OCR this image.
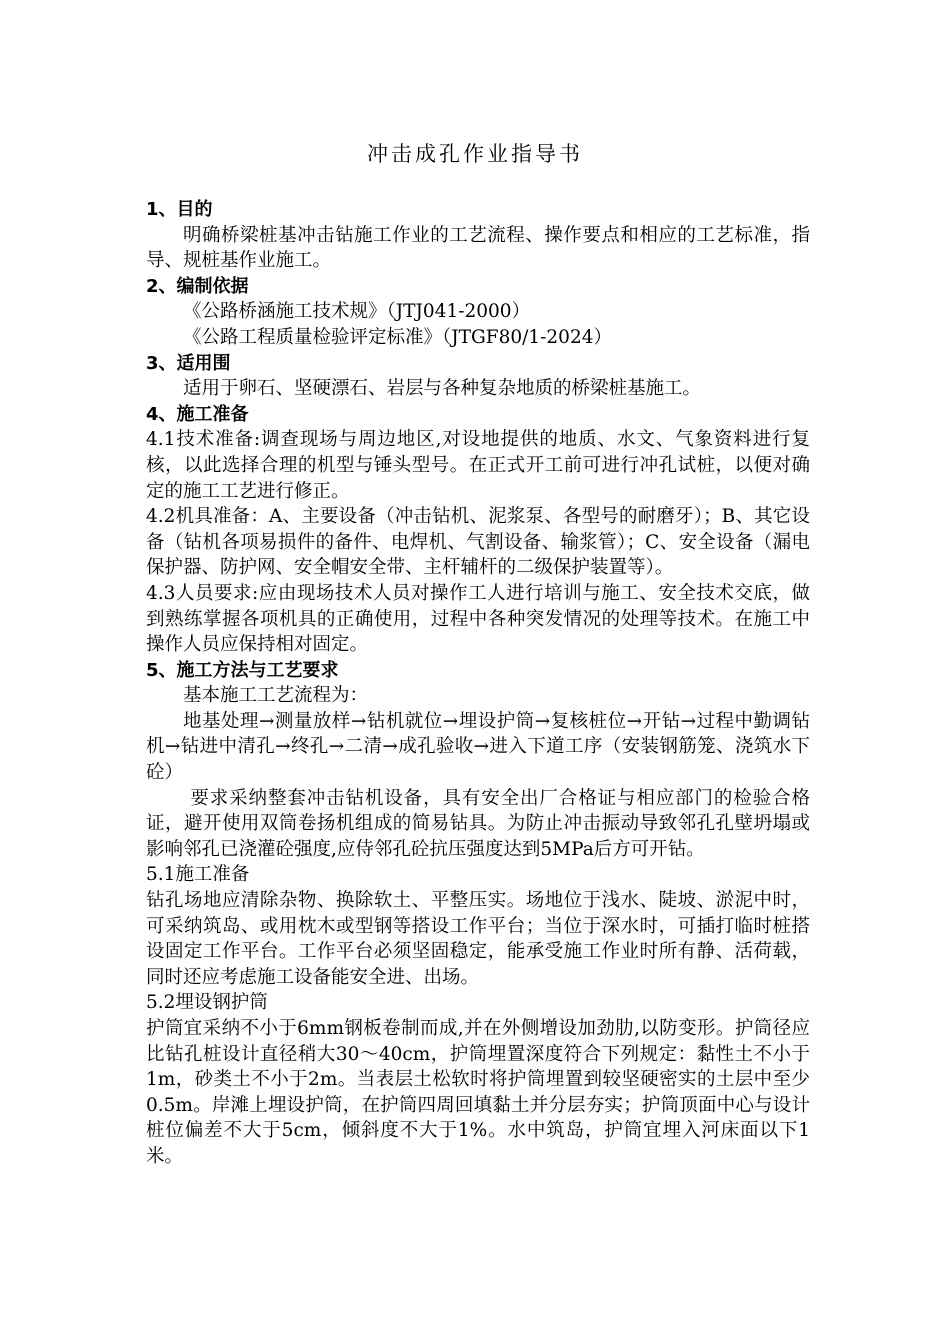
冲击成孔作业指导书

1、目的

明确桥梁桩基冲击钻施工作业的工艺流程、操作要点和相应的工艺标准，指导、规桩基作业施工。

2、编制依据

《公路桥涵施工技术规》（JTJ041-2000）

《公路工程质量检验评定标准》（JTGF80/1-2024）

3、适用围

适用于卵石、坚硬漂石、岩层与各种复杂地质的桥梁桩基施工。

4、施工准备

4.1技术准备:调查现场与周边地区,对设地提供的地质、水文、气象资料进行复核，以此选择合理的机型与锤头型号。在正式开工前可进行冲孔试桩，以便对确定的施工工艺进行修正。

4.2机具准备：A、主要设备（冲击钻机、泥浆泵、各型号的耐磨牙）；B、其它设备（钻机各项易损件的备件、电焊机、气割设备、输浆管）；C、安全设备（漏电保护器、防护网、安全帽安全带、主杆辅杆的二级保护装置等）。

4.3人员要求:应由现场技术人员对操作工人进行培训与施工、安全技术交底，做到熟练掌握各项机具的正确使用，过程中各种突发情况的处理等技术。在施工中操作人员应保持相对固定。

5、施工方法与工艺要求

基本施工工艺流程为：

地基处理→测量放样→钻机就位→埋设护筒→复核桩位→开钻→过程中勤调钻机→钻进中清孔→终孔→二清→成孔验收→进入下道工序（安装钢筋笼、浇筑水下砼）

要求采纳整套冲击钻机设备，具有安全出厂合格证与相应部门的检验合格证，避开使用双筒卷扬机组成的简易钻具。为防止冲击振动导致邻孔孔壁坍塌或影响邻孔已浇灌砼强度,应侍邻孔砼抗压强度达到5MPa后方可开钻。

5.1施工准备

钻孔场地应清除杂物、换除软土、平整压实。场地位于浅水、陡坡、淤泥中时，可采纳筑岛、或用枕木或型钢等搭设工作平台；当位于深水时，可插打临时桩搭设固定工作平台。工作平台必须坚固稳定，能承受施工作业时所有静、活荷载，同时还应考虑施工设备能安全进、出场。

5.2埋设钢护筒

护筒宜采纳不小于6mm钢板卷制而成,并在外侧增设加劲肋,以防变形。护筒径应比钻孔桩设计直径稍大30～40cm，护筒埋置深度符合下列规定：黏性土不小于1m，砂类土不小于2m。当表层土松软时将护筒埋置到较坚硬密实的土层中至少0.5m。岸滩上埋设护筒，在护筒四周回填黏土并分层夯实；护筒顶面中心与设计桩位偏差不大于5cm，倾斜度不大于1%。水中筑岛，护筒宜埋入河床面以下1米。
